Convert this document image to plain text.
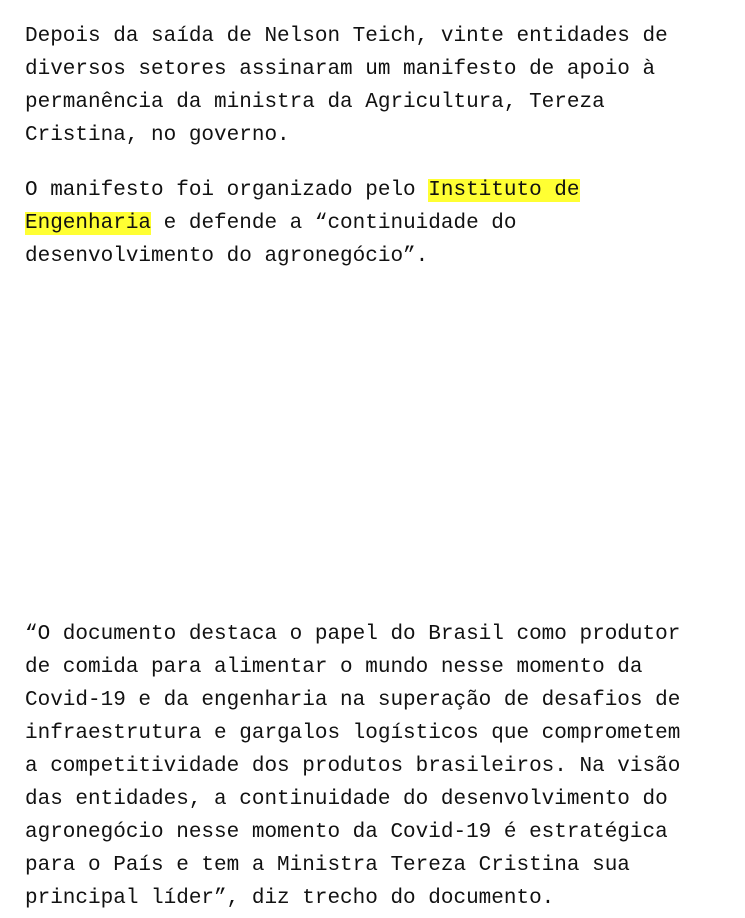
Depois da saída de Nelson Teich, vinte entidades de
diversos setores assinaram um manifesto de apoio à
permanência da ministra da Agricultura, Tereza
Cristina, no governo.
O manifesto foi organizado pelo Instituto de
Engenharia e defende a “continuidade do
desenvolvimento do agronegócio”.
“O documento destaca o papel do Brasil como produtor
de comida para alimentar o mundo nesse momento da
Covid-19 e da engenharia na superação de desafios de
infraestrutura e gargalos logísticos que comprometem
a competitividade dos produtos brasileiros. Na visão
das entidades, a continuidade do desenvolvimento do
agronegócio nesse momento da Covid-19 é estratégica
para o País e tem a Ministra Tereza Cristina sua
principal líder”, diz trecho do documento.
